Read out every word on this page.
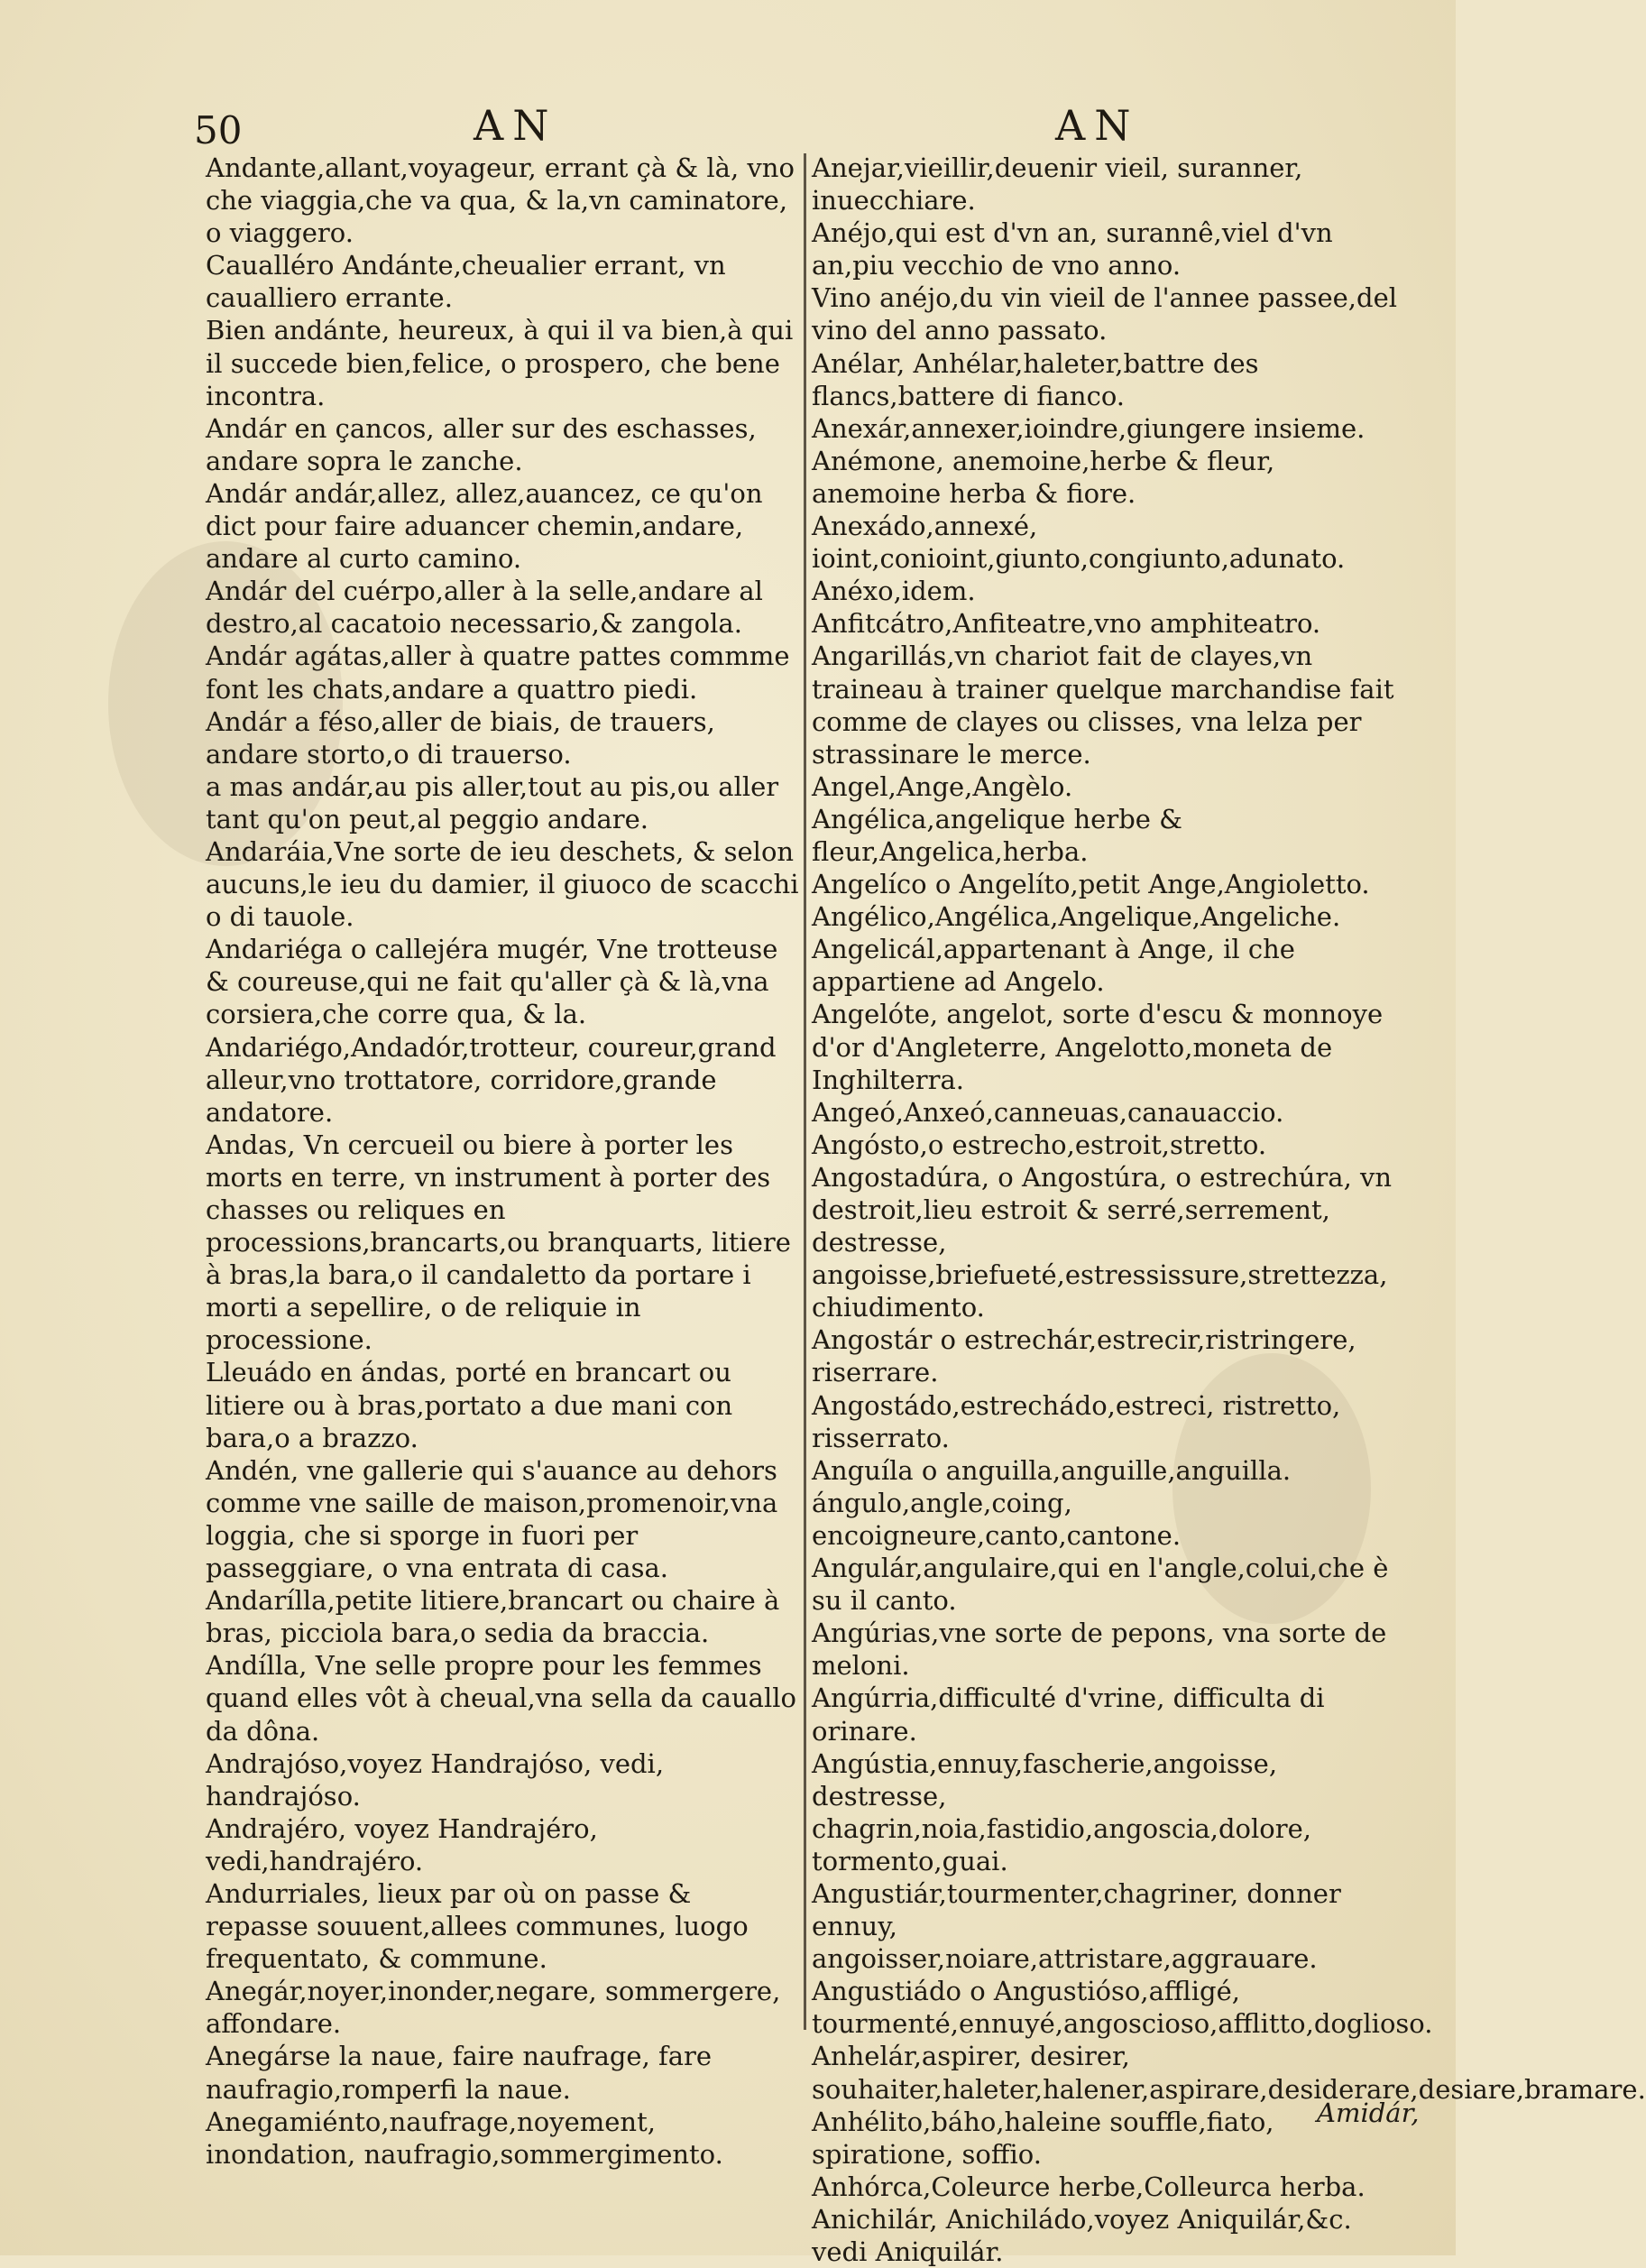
50	AN	AN

Andante,allant,voyageur, errant çà & là, vno che viaggia,che va qua, & la,vn caminatore, o viaggero.

Caualléro Andánte,cheualier errant, vn caualliero errante.

Bien andánte, heureux, à qui il va bien,à qui il succede bien,felice, o prospero, che bene incontra.

Andár en çancos, aller sur des eschasses, andare sopra le zanche.

Andár andár,allez, allez,auancez, ce qu'on dict pour faire aduancer chemin,andare, andare al curto camino.

Andár del cuérpo,aller à la selle,andare al destro,al cacatoio necessario,& zangola.

Andár agátas,aller à quatre pattes commme font les chats,andare a quattro piedi.

Andár a féso,aller de biais, de trauers, andare storto,o di trauerso.

a mas andár,au pis aller,tout au pis,ou aller tant qu'on peut,al peggio andare.

Andaráia,Vne sorte de ieu deschets, & selon aucuns,le ieu du damier, il giuoco de scacchi o di tauole.

Andariéga o callejéra mugér, Vne trotteuse & coureuse,qui ne fait qu'aller çà & là,vna corsiera,che corre qua, & la.

Andariégo,Andadór,trotteur, coureur,grand alleur,vno trottatore, corridore,grande andatore.

Andas, Vn cercueil ou biere à porter les morts en terre, vn instrument à porter des chasses ou reliques en processions,brancarts,ou branquarts, litiere à bras,la bara,o il candaletto da portare i morti a sepellire, o de reliquie in processione.

Lleuádo en ándas, porté en brancart ou litiere ou à bras,portato a due mani con bara,o a brazzo.

Andén, vne gallerie qui s'auance au dehors comme vne saille de maison,promenoir,vna loggia, che si sporge in fuori per passeggiare, o vna entrata di casa.

Andarílla,petite litiere,brancart ou chaire à bras, picciola bara,o sedia da braccia.

Andílla, Vne selle propre pour les femmes quand elles vôt à cheual,vna sella da cauallo da dôna.

Andrajóso,voyez Handrajóso, vedi, handrajóso.

Andrajéro, voyez Handrajéro, vedi,handrajéro.

Andurriales, lieux par où on passe & repasse souuent,allees communes, luogo frequentato, & commune.

Anegár,noyer,inonder,negare, sommergere, affondare.

Anegárse la naue, faire naufrage, fare naufragio,romperfi la naue.

Anegamiénto,naufrage,noyement, inondation, naufragio,sommergimento.

Anejar,vieillir,deuenir vieil, suranner, inuecchiare.

Anéjo,qui est d'vn an, surannê,viel d'vn an,piu vecchio de vno anno.

Vino anéjo,du vin vieil de l'annee passee,del vino del anno passato.

Anélar, Anhélar,haleter,battre des flancs,battere di fianco.

Anexár,annexer,ioindre,giungere insieme.

Anémone, anemoine,herbe & fleur, anemoine herba & fiore.

Anexádo,annexé, ioint,conioint,giunto,congiunto,adunato.

Anéxo,idem.

Anfitcátro,Anfiteatre,vno amphiteatro.

Angarillás,vn chariot fait de clayes,vn traineau à trainer quelque marchandise fait comme de clayes ou clisses, vna lelza per strassinare le merce.

Angel,Ange,Angèlo.

Angélica,angelique herbe & fleur,Angelica,herba.

Angelíco o Angelíto,petit Ange,Angioletto.

Angélico,Angélica,Angelique,Angeliche.

Angelicál,appartenant à Ange, il che appartiene ad Angelo.

Angelóte, angelot, sorte d'escu & monnoye d'or d'Angleterre, Angelotto,moneta de Inghilterra.

Angeó,Anxeó,canneuas,canauaccio.

Angósto,o estrecho,estroit,stretto.

Angostadúra, o Angostúra, o estrechúra, vn destroit,lieu estroit & serré,serrement, destresse, angoisse,briefueté,estressissure,strettezza, chiudimento.

Angostár o estrechár,estrecir,ristringere, riserrare.

Angostádo,estrechádo,estreci, ristretto, risserrato.

Anguíla o anguilla,anguille,anguilla.

ángulo,angle,coing, encoigneure,canto,cantone.

Angulár,angulaire,qui en l'angle,colui,che è su il canto.

Angúrias,vne sorte de pepons, vna sorte de meloni.

Angúrria,difficulté d'vrine, difficulta di orinare.

Angústia,ennuy,fascherie,angoisse, destresse, chagrin,noia,fastidio,angoscia,dolore, tormento,guai.

Angustiár,tourmenter,chagriner, donner ennuy, angoisser,noiare,attristare,aggrauare.

Angustiádo o Angustióso,affligé, tourmenté,ennuyé,angoscioso,afflitto,doglioso.

Anhelár,aspirer, desirer, souhaiter,haleter,halener,aspirare,desiderare,desiare,bramare.

Anhélito,báho,haleine souffle,fiato, spiratione, soffio.

Anhórca,Coleurce herbe,Colleurca herba.

Anichilár, Anichiládo,voyez Aniquilár,&c. vedi Aniquilár.

Amidár,
